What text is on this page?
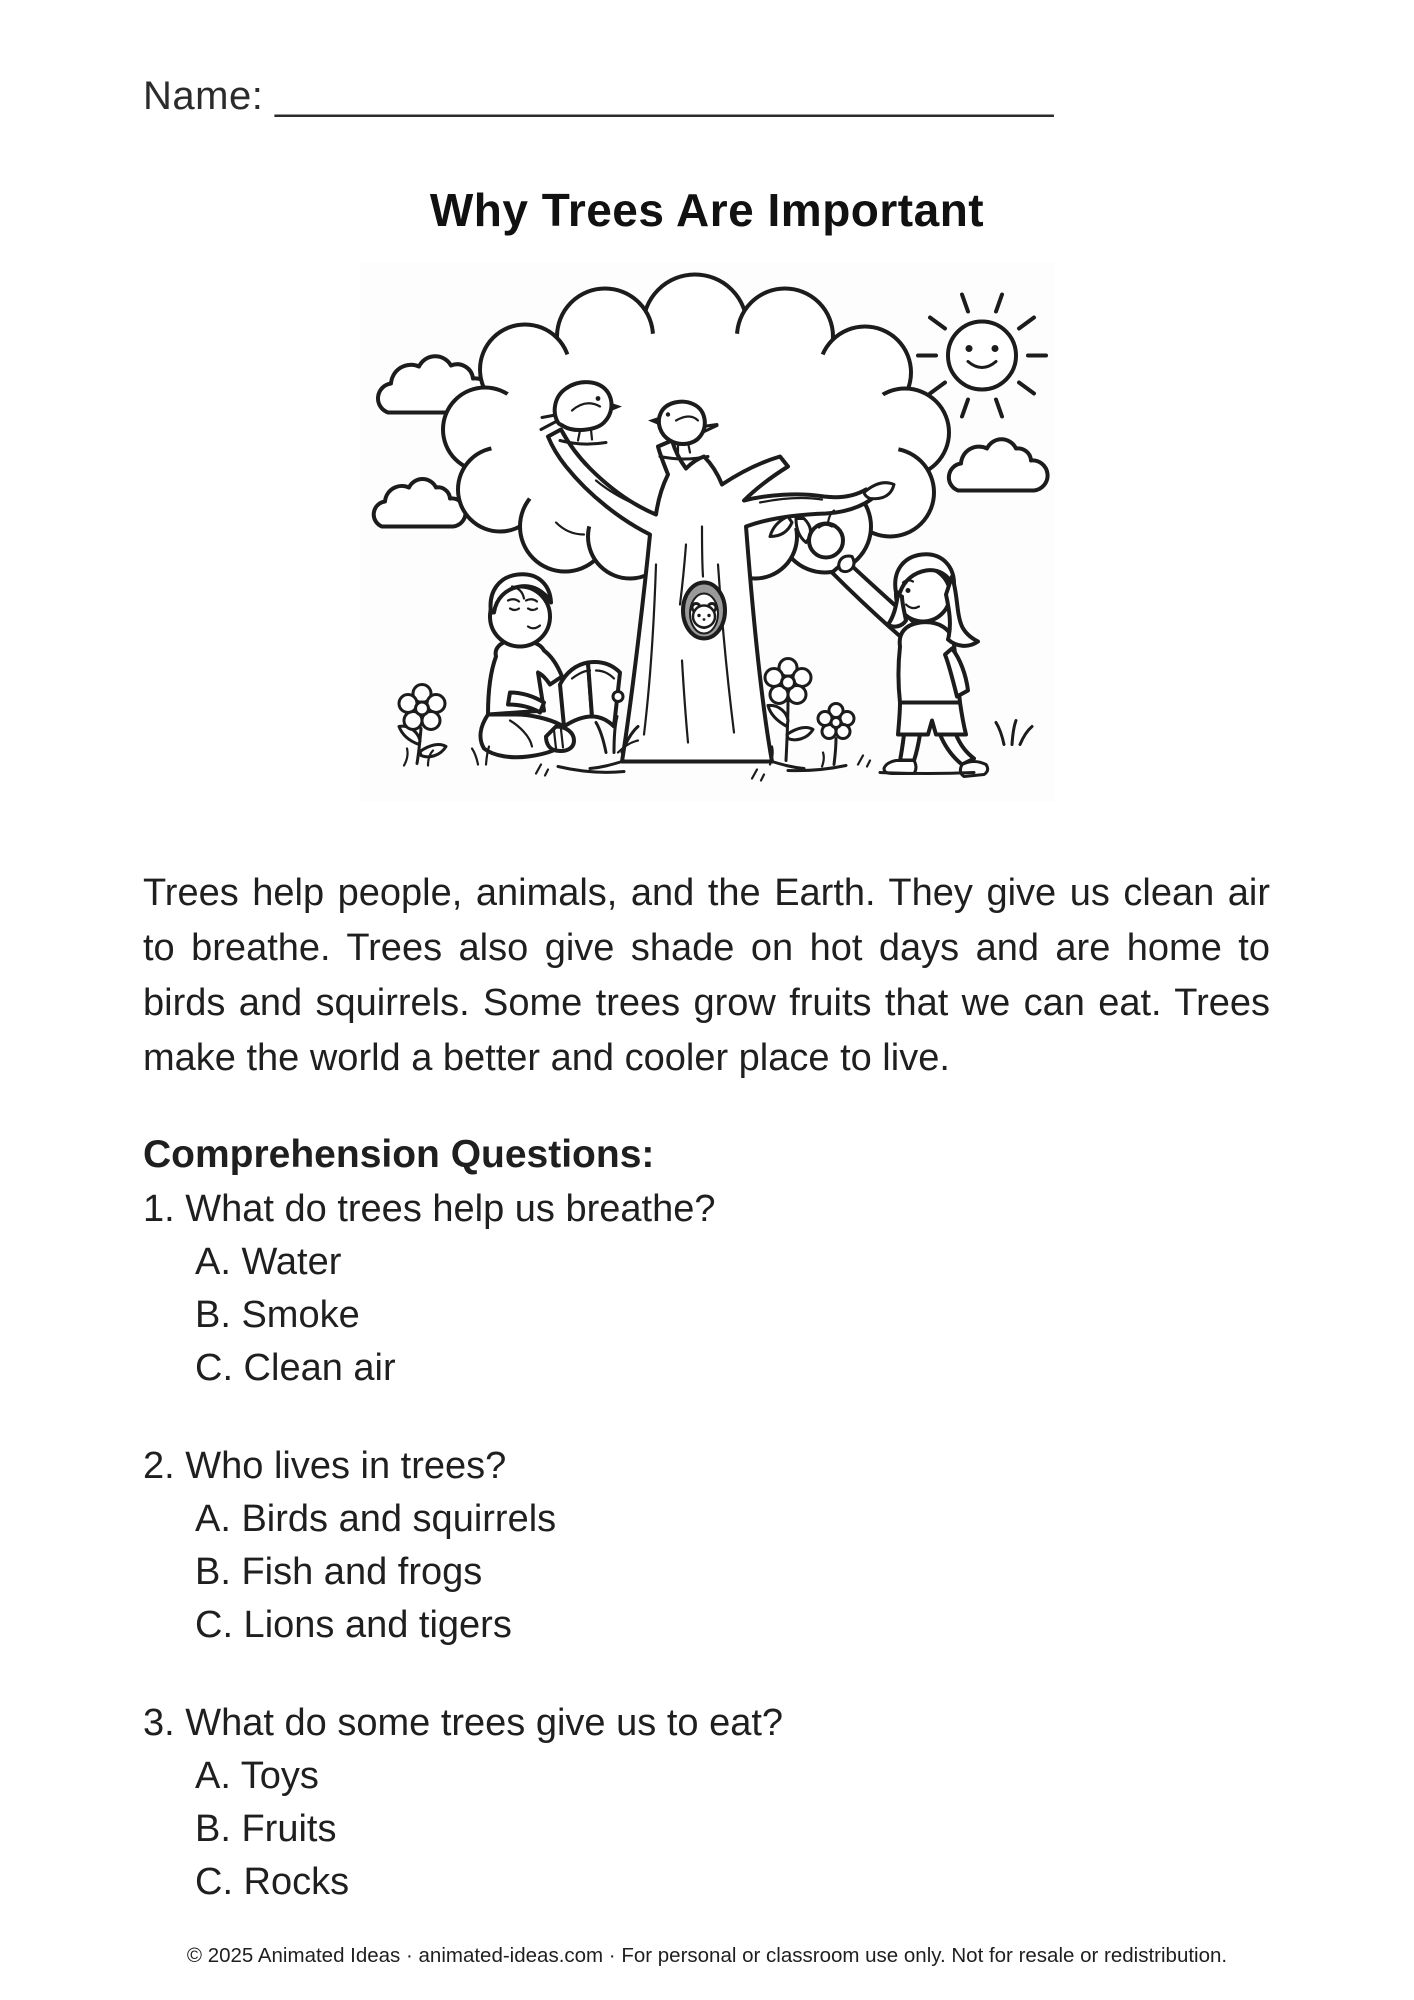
Name: ___________________________________
Why Trees Are Important

Trees help people, animals, and the Earth. They give us clean air to breathe. Trees also give shade on hot days and are home to birds and squirrels. Some trees grow fruits that we can eat. Trees make the world a better and cooler place to live.

Comprehension Questions:
1. What do trees help us breathe?
A. Water
B. Smoke
C. Clean air
2. Who lives in trees?
A. Birds and squirrels
B. Fish and frogs
C. Lions and tigers
3. What do some trees give us to eat?
A. Toys
B. Fruits
C. Rocks
© 2025 Animated Ideas · animated-ideas.com · For personal or classroom use only. Not for resale or redistribution.
